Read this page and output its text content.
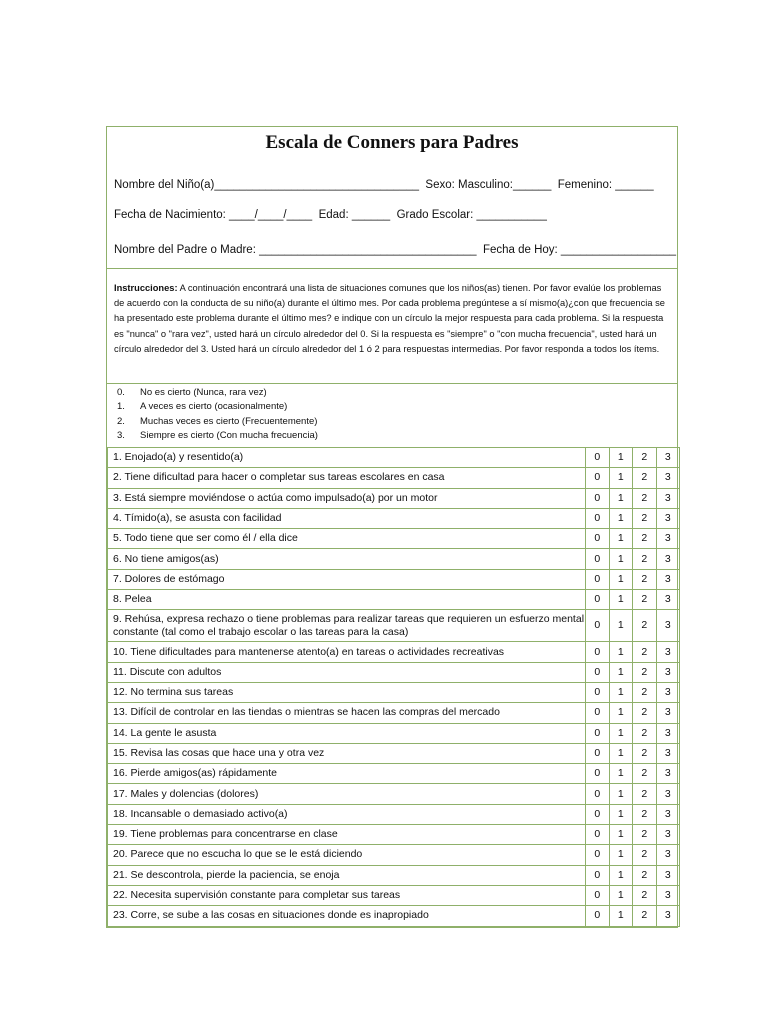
Escala de Conners para Padres
Nombre del Niño(a)________________________________  Sexo: Masculino:______  Femenino: ______
Fecha de Nacimiento: ____/____/____  Edad: ______  Grado Escolar: ___________
Nombre del Padre o Madre: __________________________________  Fecha de Hoy: __________________
Instrucciones: A continuación encontrará una lista de situaciones comunes que los niños(as) tienen. Por favor evalúe los problemas de acuerdo con la conducta de su niño(a) durante el último mes. Por cada problema pregúntese a sí mismo(a)¿con que frecuencia se ha presentado este problema durante el último mes? e indique con un círculo la mejor respuesta para cada problema. Si la respuesta es "nunca" o "rara vez", usted hará un círculo alrededor del 0. Si la respuesta es "siempre" o "con mucha frecuencia", usted hará un círculo alrededor del 3. Usted hará un círculo alrededor del 1 ó 2 para respuestas intermedias. Por favor responda a todos los ítems.
0.	No es cierto (Nunca, rara vez)
1.	A veces es cierto (ocasionalmente)
2.	Muchas veces es cierto (Frecuentemente)
3.	Siempre es cierto (Con mucha frecuencia)
1. Enojado(a) y resentido(a)	0	1	2	3
2. Tiene dificultad para hacer o completar sus tareas escolares en casa	0	1	2	3
3. Está siempre moviéndose o actúa como impulsado(a) por un motor	0	1	2	3
4. Tímido(a), se asusta con facilidad	0	1	2	3
5. Todo tiene que ser como él / ella dice	0	1	2	3
6. No tiene amigos(as)	0	1	2	3
7. Dolores de estómago	0	1	2	3
8. Pelea	0	1	2	3
9. Rehúsa, expresa rechazo o tiene problemas para realizar tareas que requieren un esfuerzo mental constante (tal como el trabajo escolar o las tareas para la casa)	0	1	2	3
10. Tiene dificultades para mantenerse atento(a) en tareas o actividades recreativas	0	1	2	3
11. Discute con adultos	0	1	2	3
12. No termina sus tareas	0	1	2	3
13. Difícil de controlar en las tiendas o mientras se hacen las compras del mercado	0	1	2	3
14. La gente le asusta	0	1	2	3
15. Revisa las cosas que hace una y otra vez	0	1	2	3
16. Pierde amigos(as) rápidamente	0	1	2	3
17. Males y dolencias (dolores)	0	1	2	3
18. Incansable o demasiado activo(a)	0	1	2	3
19. Tiene problemas para concentrarse en clase	0	1	2	3
20. Parece que no escucha lo que se le está diciendo	0	1	2	3
21. Se descontrola, pierde la paciencia, se enoja	0	1	2	3
22. Necesita supervisión constante para completar sus tareas	0	1	2	3
23. Corre, se sube a las cosas en situaciones donde es inapropiado	0	1	2	3
